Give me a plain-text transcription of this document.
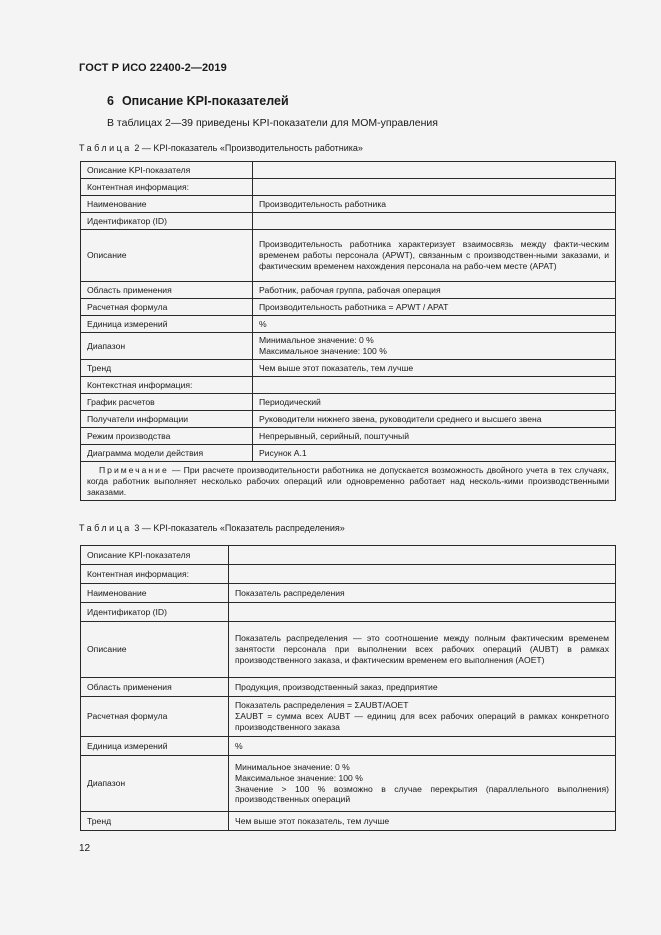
ГОСТ Р ИСО 22400-2—2019
6 Описание KPI-показателей
В таблицах 2—39 приведены KPI-показатели для МОМ-управления
Таблица 2 — KPI-показатель «Производительность работника»
Описание KPI-показателя	
Контентная информация:	
Наименование	Производительность работника
Идентификатор (ID)	
Описание	Производительность работника характеризует взаимосвязь между факти-ческим временем работы персонала (APWT), связанным с производствен-ными заказами, и фактическим временем нахождения персонала на рабо-чем месте (APAT)
Область применения	Работник, рабочая группа, рабочая операция
Расчетная формула	Производительность работника = APWT / APAT
Единица измерений	%
Диапазон	Минимальное значение: 0 %
Максимальное значение: 100 %
Тренд	Чем выше этот показатель, тем лучше
Контекстная информация:	
График расчетов	Периодический
Получатели информации	Руководители нижнего звена, руководители среднего и высшего звена
Режим производства	Непрерывный, серийный, поштучный
Диаграмма модели действия	Рисунок А.1
Примечание — При расчете производительности работника не допускается возможность двойного учета в тех случаях, когда работник выполняет несколько рабочих операций или одновременно работает над несколь-кими производственными заказами.	
Таблица 3 — KPI-показатель «Показатель распределения»
Описание KPI-показателя	
Контентная информация:	
Наименование	Показатель распределения
Идентификатор (ID)	
Описание	Показатель распределения — это соотношение между полным фактическим временем занятости персонала при выполнении всех рабочих операций (AUBT) в рамках производственного заказа, и фактическим временем его выполнения (AOET)
Область применения	Продукция, производственный заказ, предприятие
Расчетная формула	Показатель распределения = ΣAUBT/AOET
ΣAUBT = сумма всех AUBT — единиц для всех рабочих операций в рамках конкретного производственного заказа
Единица измерений	%
Диапазон	Минимальное значение: 0 %
Максимальное значение: 100 %
Значение > 100 % возможно в случае перекрытия (параллельного выполнения) производственных операций
Тренд	Чем выше этот показатель, тем лучше
12
